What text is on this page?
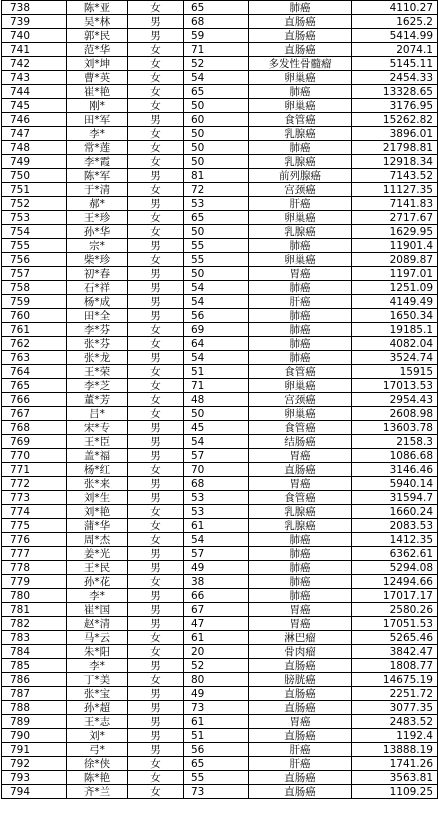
738	陈*亚	女	65	肺癌	4110.27
739	吴*林	男	68	直肠癌	1625.2
740	郭*民	男	59	直肠癌	5414.99
741	范*华	女	71	直肠癌	2074.1
742	刘*坤	女	52	多发性骨髓瘤	5145.11
743	曹*英	女	54	卵巢癌	2454.33
744	崔*艳	女	65	肺癌	13328.65
745	刚*	女	50	卵巢癌	3176.95
746	田*军	男	60	食管癌	15262.82
747	李*	女	50	乳腺癌	3896.01
748	常*莲	女	50	肺癌	21798.81
749	李*霞	女	50	乳腺癌	12918.34
750	陈*军	男	81	前列腺癌	7143.52
751	于*清	女	72	宫颈癌	11127.35
752	郝*	男	53	肝癌	7141.83
753	王*珍	女	65	卵巢癌	2717.67
754	孙*华	女	50	乳腺癌	1629.95
755	宗*	男	55	肺癌	11901.4
756	柴*珍	女	55	卵巢癌	2089.87
757	初*春	男	50	胃癌	1197.01
758	石*祥	男	54	肺癌	1251.09
759	杨*成	男	54	肝癌	4149.49
760	田*全	男	56	肺癌	1650.34
761	李*芬	女	69	肺癌	19185.1
762	张*芬	女	64	肺癌	4082.04
763	张*龙	男	54	肺癌	3524.74
764	王*荣	女	51	食管癌	15915
765	李*芝	女	71	卵巢癌	17013.53
766	董*芳	女	48	宫颈癌	2954.43
767	吕*	女	50	卵巢癌	2608.98
768	宋*专	男	45	食管癌	13603.78
769	王*臣	男	54	结肠癌	2158.3
770	盖*福	男	57	胃癌	1086.68
771	杨*红	女	70	直肠癌	3146.46
772	张*来	男	68	胃癌	5940.14
773	刘*生	男	53	食管癌	31594.7
774	刘*艳	女	53	乳腺癌	1660.24
775	蒲*华	女	61	乳腺癌	2083.53
776	周*杰	女	54	肺癌	1412.35
777	姜*光	男	57	肺癌	6362.61
778	王*民	男	49	肺癌	5294.08
779	孙*花	女	38	肺癌	12494.66
780	李*	男	66	肺癌	17017.17
781	崔*国	男	67	胃癌	2580.26
782	赵*清	男	47	胃癌	17051.53
783	马*云	女	61	淋巴瘤	5265.46
784	朱*阳	女	20	骨肉瘤	3842.47
785	李*	男	52	直肠癌	1808.77
786	丁*美	女	80	膀胱癌	14675.19
787	张*宝	男	49	直肠癌	2251.72
788	孙*超	男	73	直肠癌	3077.35
789	王*志	男	61	胃癌	2483.52
790	刘*	男	51	直肠癌	1192.4
791	弓*	男	56	肝癌	13888.19
792	徐*侠	女	65	肝癌	1741.26
793	陈*艳	女	55	直肠癌	3563.81
794	齐*兰	女	73	直肠癌	1109.25
